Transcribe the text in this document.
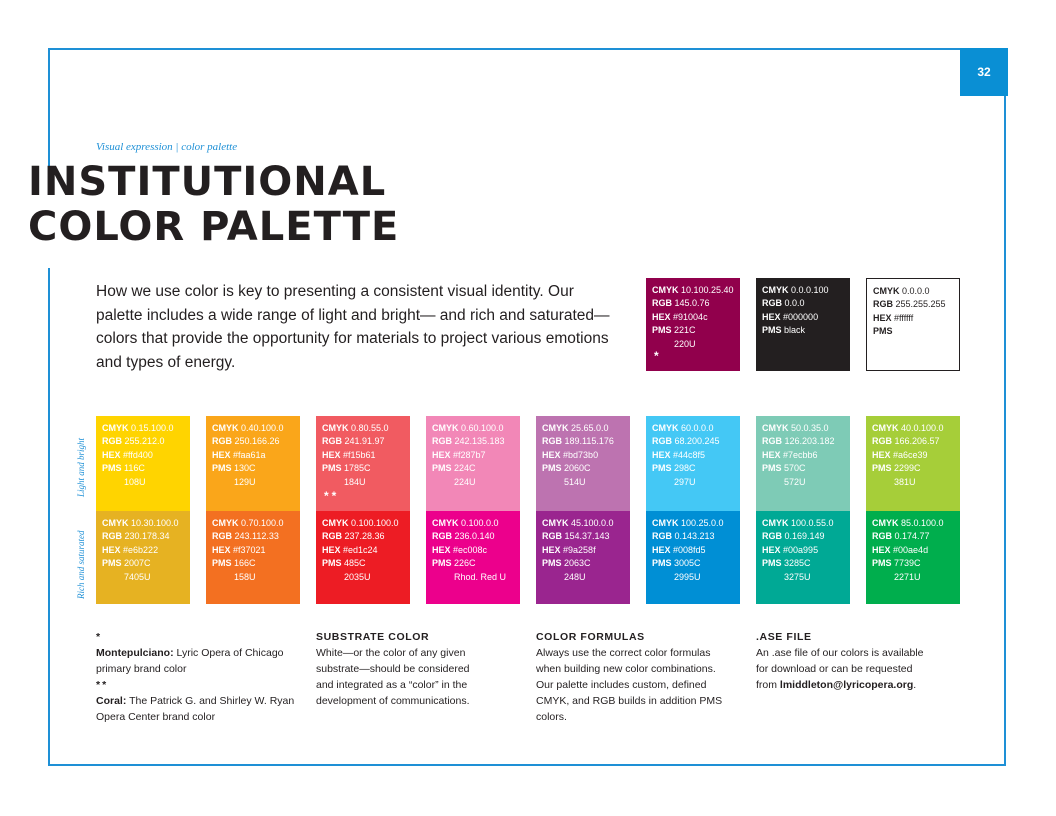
32
Visual expression | color palette
INSTITUTIONAL
COLOR PALETTE

How we use color is key to presenting a consistent visual identity. Our palette includes a wide range of light and bright— and rich and saturated—colors that provide the opportunity for materials to project various emotions and types of energy.

CMYK 10.100.25.40
RGB 145.0.76
HEX #91004c
PMS 221C
220U
*
CMYK 0.0.0.100
RGB 0.0.0
HEX #000000
PMS black
CMYK 0.0.0.0
RGB 255.255.255
HEX #ffffff
PMS
CMYK 0.15.100.0
RGB 255.212.0
HEX #ffd400
PMS 116C
108U
CMYK 0.40.100.0
RGB 250.166.26
HEX #faa61a
PMS 130C
129U
CMYK 0.80.55.0
RGB 241.91.97
HEX #f15b61
PMS 1785C
184U
**
CMYK 0.60.100.0
RGB 242.135.183
HEX #f287b7
PMS 224C
224U
CMYK 25.65.0.0
RGB 189.115.176
HEX #bd73b0
PMS 2060C
514U
CMYK 60.0.0.0
RGB 68.200.245
HEX #44c8f5
PMS 298C
297U
CMYK 50.0.35.0
RGB 126.203.182
HEX #7ecbb6
PMS 570C
572U
CMYK 40.0.100.0
RGB 166.206.57
HEX #a6ce39
PMS 2299C
381U
CMYK 10.30.100.0
RGB 230.178.34
HEX #e6b222
PMS 2007C
7405U
CMYK 0.70.100.0
RGB 243.112.33
HEX #f37021
PMS 166C
158U
CMYK 0.100.100.0
RGB 237.28.36
HEX #ed1c24
PMS 485C
2035U
CMYK 0.100.0.0
RGB 236.0.140
HEX #ec008c
PMS 226C
Rhod. Red U
CMYK 45.100.0.0
RGB 154.37.143
HEX #9a258f
PMS 2063C
248U
CMYK 100.25.0.0
RGB 0.143.213
HEX #008fd5
PMS 3005C
2995U
CMYK 100.0.55.0
RGB 0.169.149
HEX #00a995
PMS 3285C
3275U
CMYK 85.0.100.0
RGB 0.174.77
HEX #00ae4d
PMS 7739C
2271U
Light and bright
Rich and saturated

*

Montepulciano: Lyric Opera of Chicago primary brand color

**

Coral: The Patrick G. and Shirley W. Ryan Opera Center brand color

SUBSTRATE COLOR

White—or the color of any given substrate—should be considered and integrated as a “color” in the development of communications.

COLOR FORMULAS

Always use the correct color formulas when building new color combinations. Our palette includes custom, defined CMYK, and RGB builds in addition PMS colors.

.ASE FILE

An .ase file of our colors is available for download or can be requested from lmiddleton@lyricopera.org.
